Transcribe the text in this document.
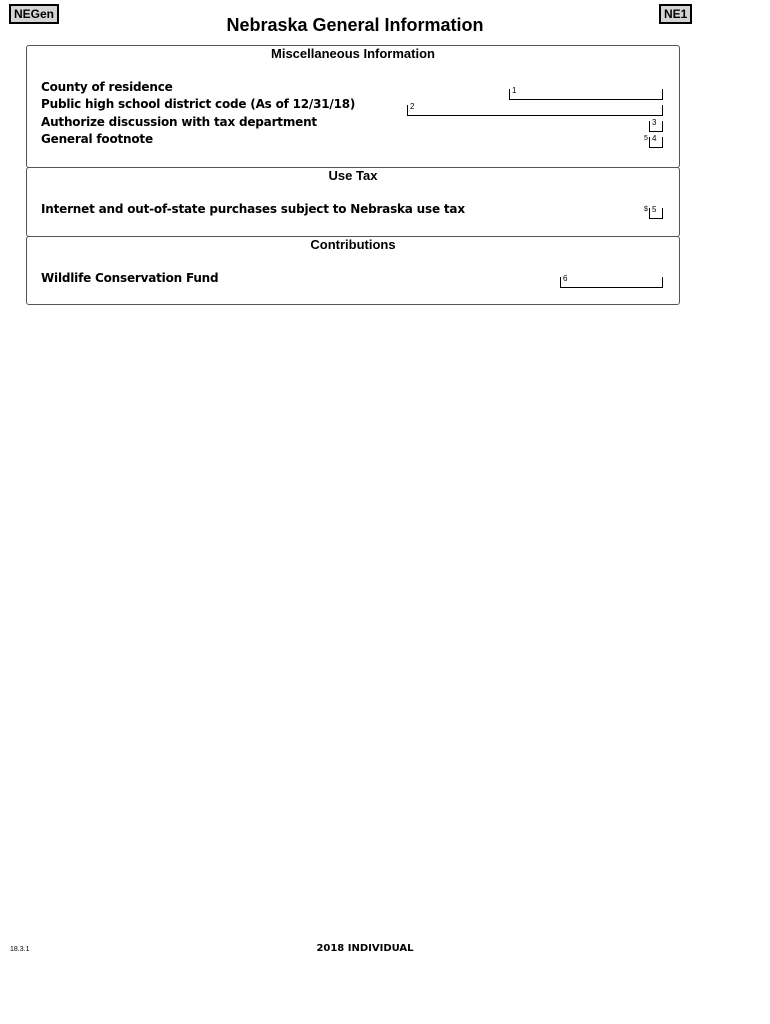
NEGen	NE1
Nebraska General Information
Miscellaneous Information
County of residence	1
Public high school district code (As of 12/31/18)	2
Authorize discussion with tax department	3
General footnote	5 4
Use Tax
Internet and out-of-state purchases subject to Nebraska use tax	$ 5
Contributions
Wildlife Conservation Fund	6
18.3.1	2018 INDIVIDUAL
